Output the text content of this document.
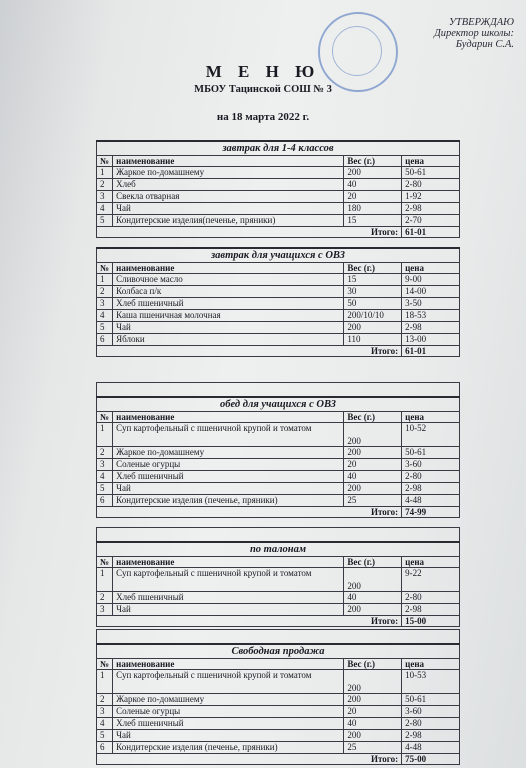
УТВЕРЖДАЮ
Директор школы:
Бударин С.А.
М Е Н Ю
МБОУ Тацинской СОШ № 3
на 18 марта 2022 г.
завтрак для 1-4 классов			
№	наименование	Вес (г.)	цена
1	Жаркое по-домашнему	200	50-61
2	Хлеб	40	2-80
3	Свекла отварная	20	1-92
4	Чай	180	2-98
5	Кондитерские изделия(печенье, пряники)	15	2-70
Итого:			61-01
завтрак для учащихся с ОВЗ			
№	наименование	Вес (г.)	цена
1	Сливочное масло	15	9-00
2	Колбаса п/к	30	14-00
3	Хлеб пшеничный	50	3-50
4	Каша пшеничная молочная	200/10/10	18-53
5	Чай	200	2-98
6	Яблоки	110	13-00
Итого:			61-01

обед для учащихся с ОВЗ			
№	наименование	Вес (г.)	цена
1	Суп картофельный с пшеничной крупой и томатом	200	10-52
2	Жаркое по-домашнему	200	50-61
3	Соленые огурцы	20	3-60
4	Хлеб пшеничный	40	2-80
5	Чай	200	2-98
6	Кондитерские изделия (печенье, пряники)	25	4-48
Итого:			74-99

по талонам			
№	наименование	Вес (г.)	цена
1	Суп картофельный с пшеничной крупой и томатом	200	9-22
2	Хлеб пшеничный	40	2-80
3	Чай	200	2-98
Итого:			15-00

Свободная продажа			
№	наименование	Вес (г.)	цена
1	Суп картофельный с пшеничной крупой и томатом	200	10-53
2	Жаркое по-домашнему	200	50-61
3	Соленые огурцы	20	3-60
4	Хлеб пшеничный	40	2-80
5	Чай	200	2-98
6	Кондитерские изделия (печенье, пряники)	25	4-48
Итого:			75-00
